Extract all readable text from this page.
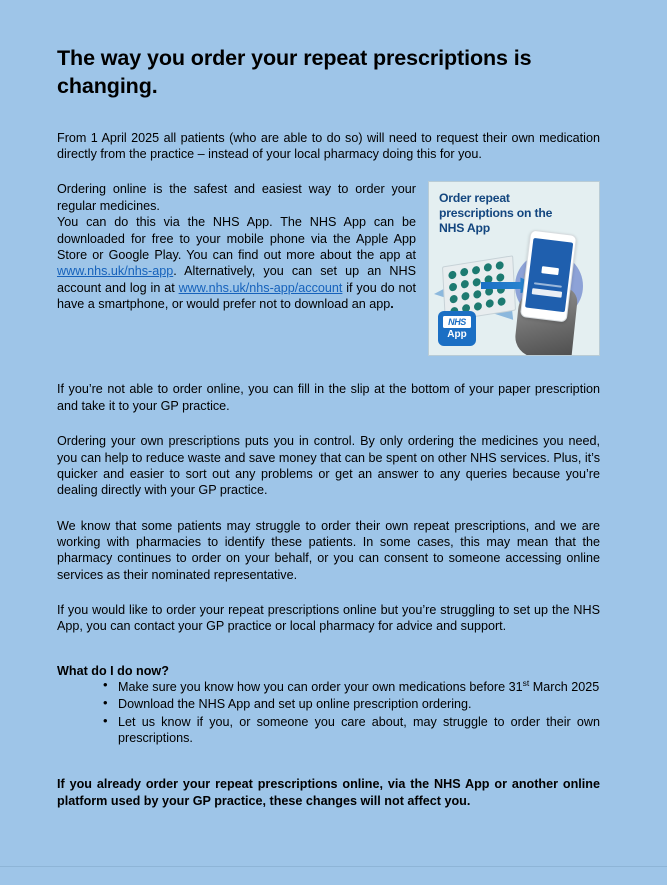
The way you order your repeat prescriptions is changing.

From 1 April 2025 all patients (who are able to do so) will need to request their own medication directly from the practice – instead of your local pharmacy doing this for you.

Order repeat prescriptions on the NHS App
NHS
App

Ordering online is the safest and easiest way to order your regular medicines.

You can do this via the NHS App. The NHS App can be downloaded for free to your mobile phone via the Apple App Store or Google Play. You can find out more about the app at www.nhs.uk/nhs-app. Alternatively, you can set up an NHS account and log in at www.nhs.uk/nhs-app/account if you do not have a smartphone, or would prefer not to download an app.

If you’re not able to order online, you can fill in the slip at the bottom of your paper prescription and take it to your GP practice.

Ordering your own prescriptions puts you in control. By only ordering the medicines you need, you can help to reduce waste and save money that can be spent on other NHS services. Plus, it’s quicker and easier to sort out any problems or get an answer to any queries because you’re dealing directly with your GP practice.

We know that some patients may struggle to order their own repeat prescriptions, and we are working with pharmacies to identify these patients. In some cases, this may mean that the pharmacy continues to order on your behalf, or you can consent to someone accessing online services as their nominated representative.

If you would like to order your repeat prescriptions online but you’re struggling to set up the NHS App, you can contact your GP practice or local pharmacy for advice and support.

What do I do now?

• Make sure you know how you can order your own medications before 31st March 2025
• Download the NHS App and set up online prescription ordering.
• Let us know if you, or someone you care about, may struggle to order their own prescriptions.

If you already order your repeat prescriptions online, via the NHS App or another online platform used by your GP practice, these changes will not affect you.
